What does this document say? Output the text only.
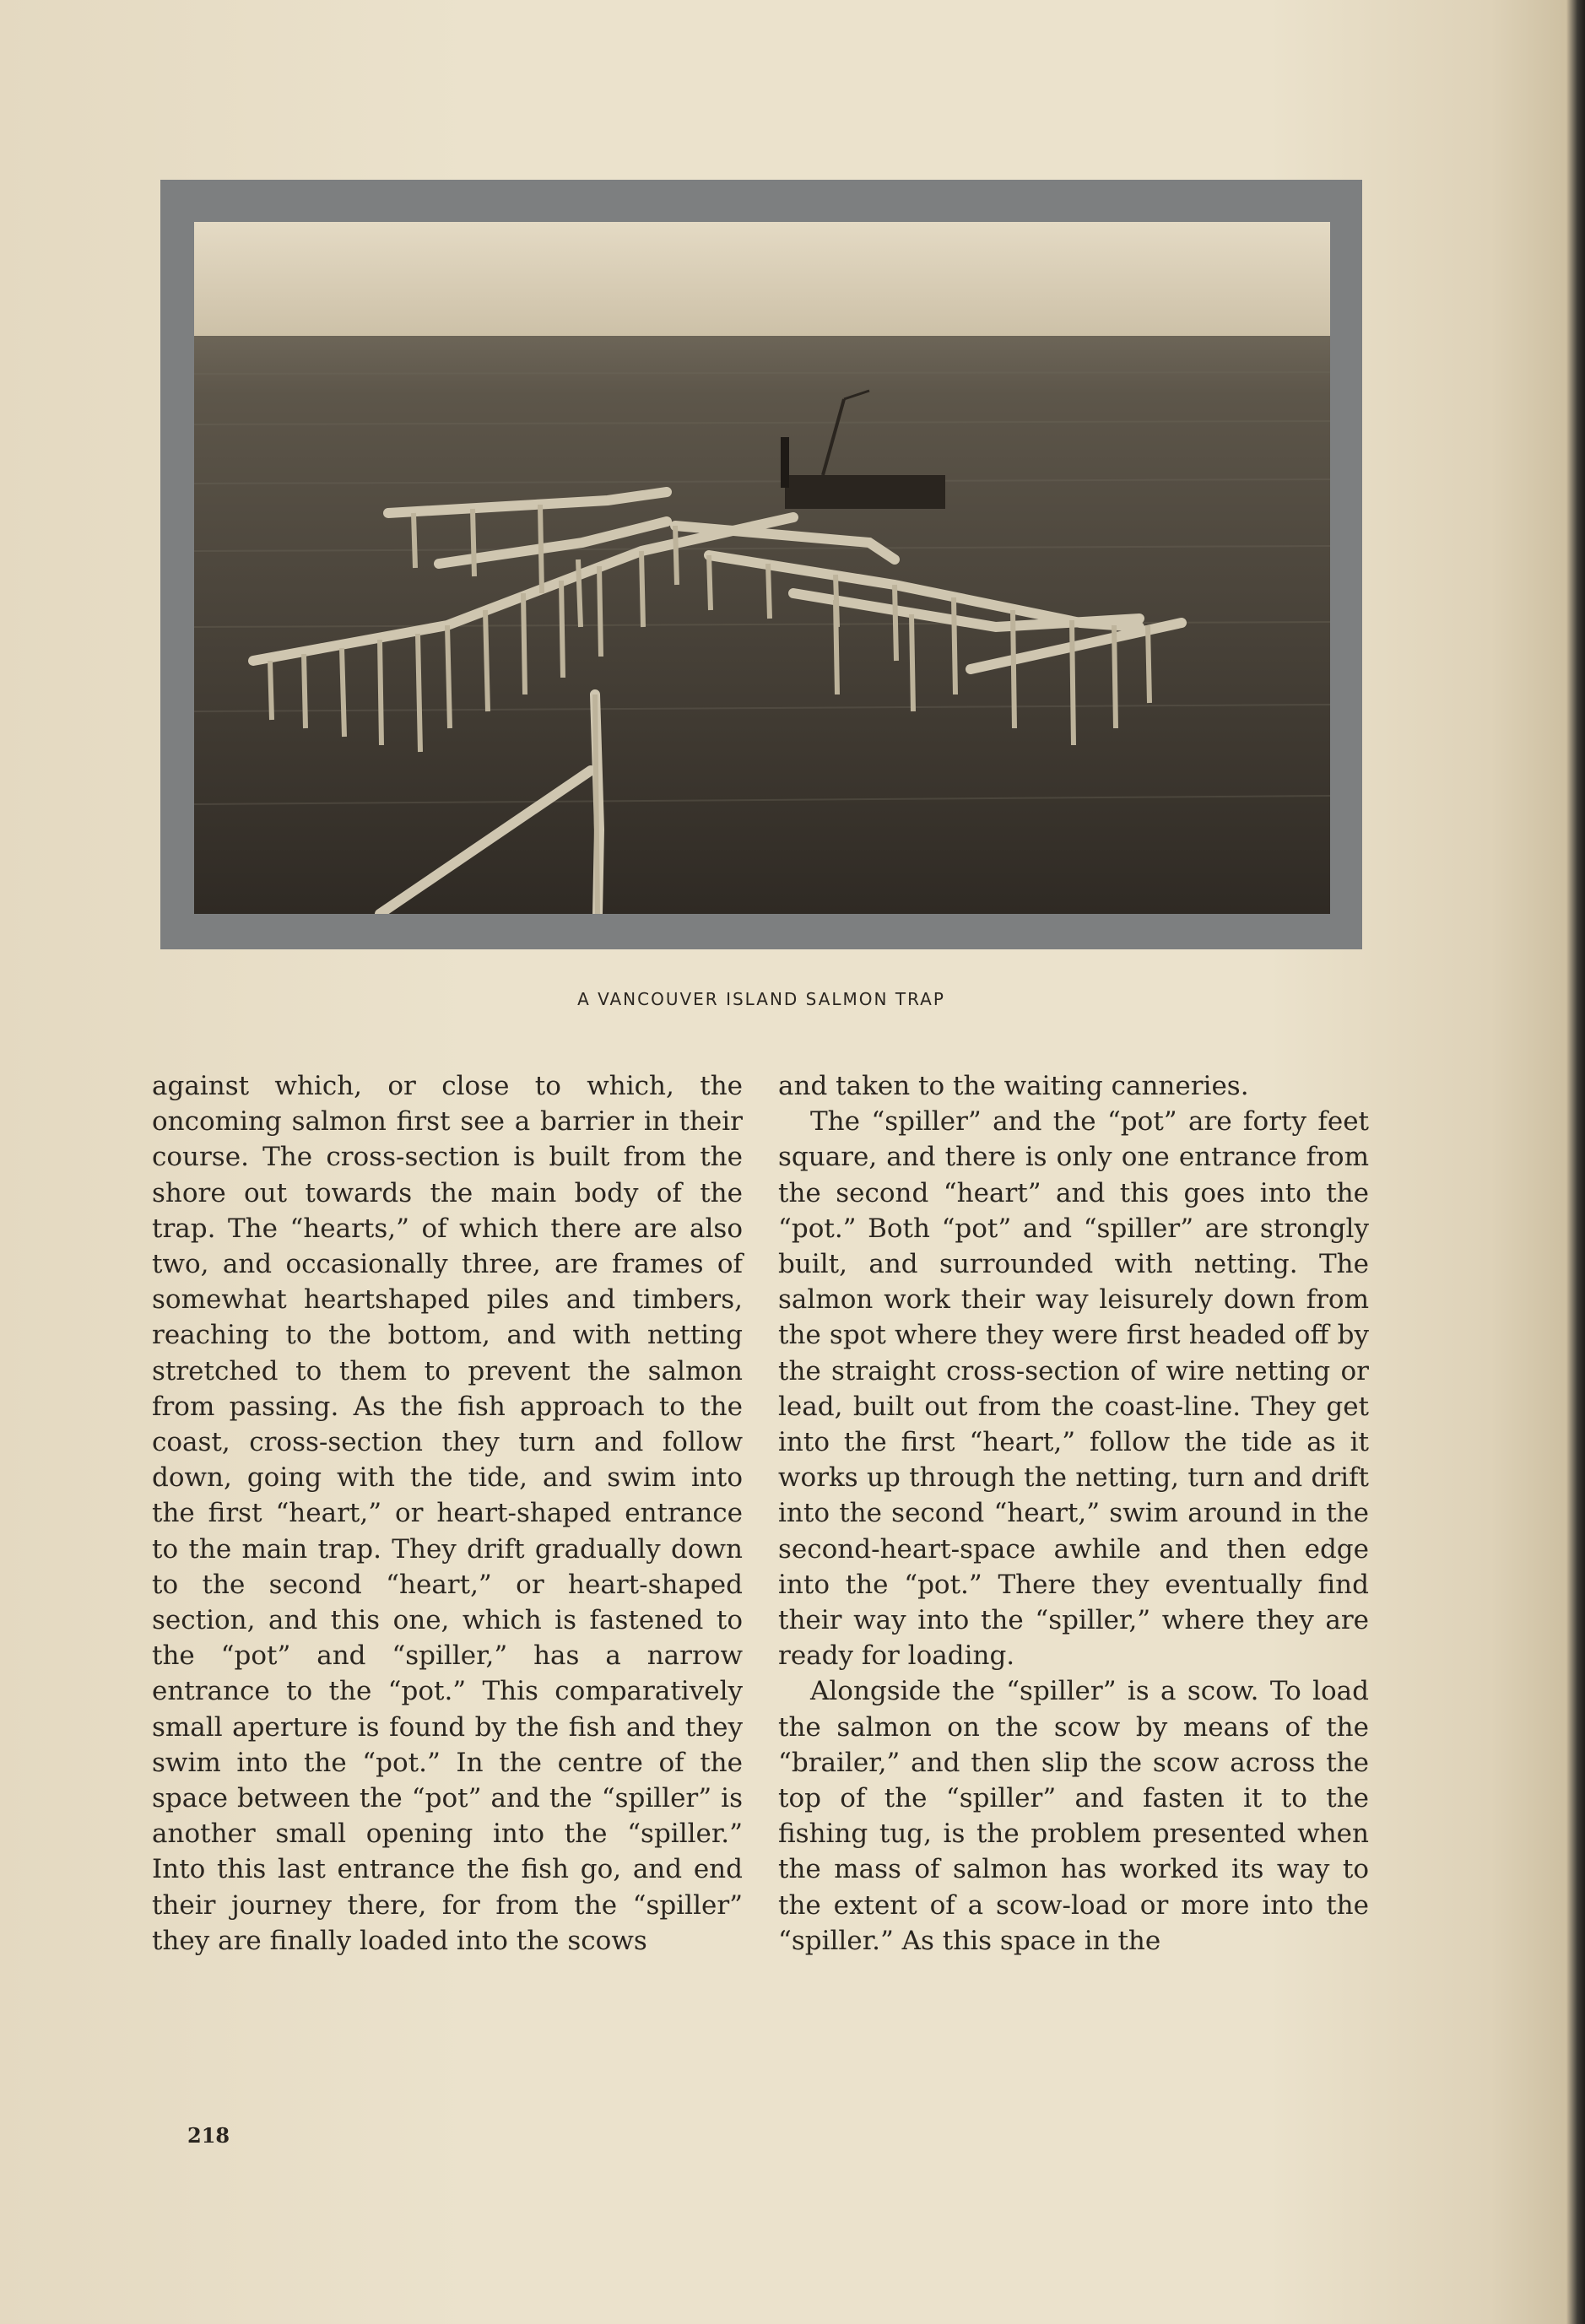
A VANCOUVER ISLAND SALMON TRAP

against which, or close to which, the oncoming salmon first see a barrier in their course. The cross-section is built from the shore out towards the main body of the trap. The “hearts,” of which there are also two, and occasionally three, are frames of somewhat heartshaped piles and timbers, reaching to the bottom, and with netting stretched to them to prevent the salmon from passing. As the fish approach to the coast, cross-section they turn and follow down, going with the tide, and swim into the first “heart,” or heart-shaped entrance to the main trap. They drift gradually down to the second “heart,” or heart-shaped section, and this one, which is fastened to the “pot” and “spiller,” has a narrow entrance to the “pot.” This comparatively small aperture is found by the fish and they swim into the “pot.” In the centre of the space between the “pot” and the “spiller” is another small opening into the “spiller.” Into this last entrance the fish go, and end their journey there, for from the “spiller” they are finally loaded into the scows

and taken to the waiting canneries.

The “spiller” and the “pot” are forty feet square, and there is only one entrance from the second “heart” and this goes into the “pot.” Both “pot” and “spiller” are strongly built, and surrounded with netting. The salmon work their way leisurely down from the spot where they were first headed off by the straight cross-section of wire netting or lead, built out from the coast-line. They get into the first “heart,” follow the tide as it works up through the netting, turn and drift into the second “heart,” swim around in the second-heart-space awhile and then edge into the “pot.” There they eventually find their way into the “spiller,” where they are ready for loading.

Alongside the “spiller” is a scow. To load the salmon on the scow by means of the “brailer,” and then slip the scow across the top of the “spiller” and fasten it to the fishing tug, is the problem presented when the mass of salmon has worked its way to the extent of a scow-load or more into the “spiller.” As this space in the

218
